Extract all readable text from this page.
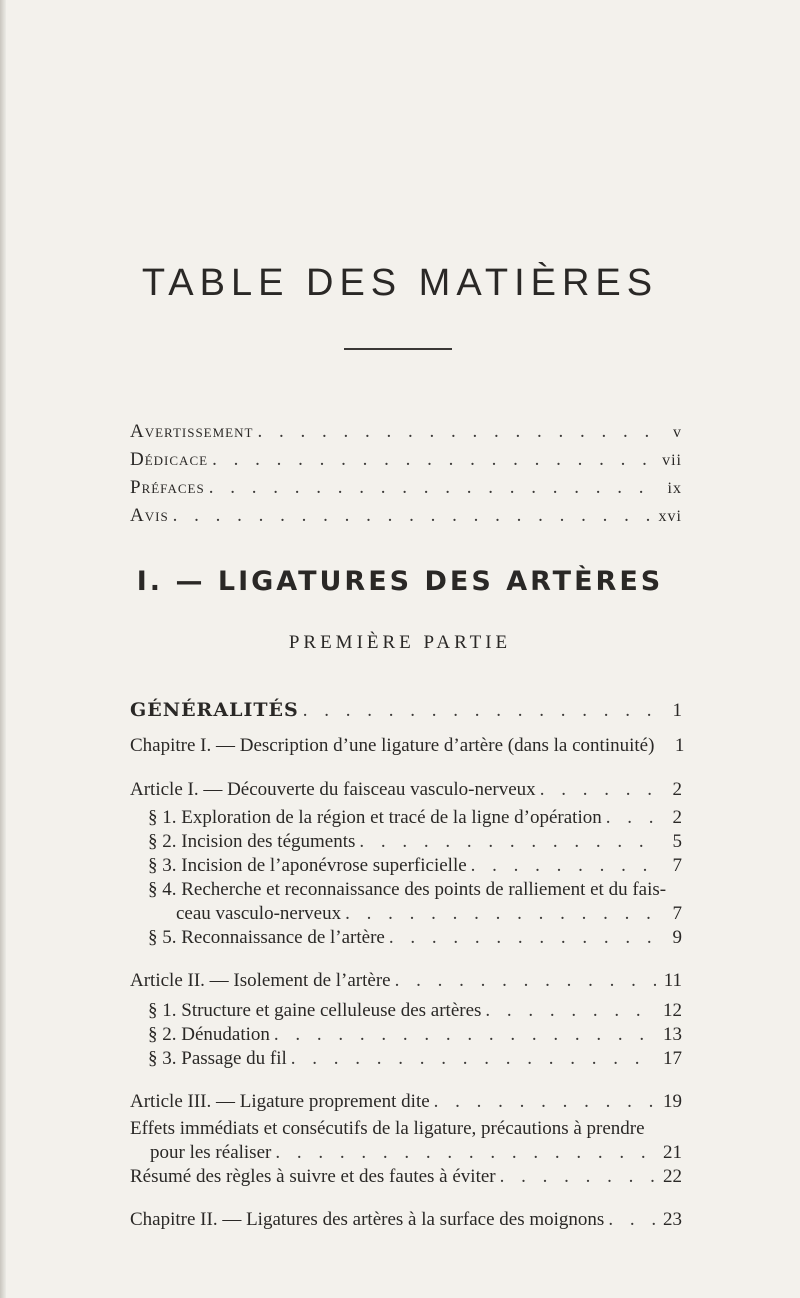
TABLE DES MATIÈRES
Avertissement . . .	v
Dédicace . . .	vii
Préfaces . . .	ix
Avis . . .	xvi
I. — LIGATURES DES ARTÈRES
PREMIÈRE PARTIE
GÉNÉRALITÉS . . .	1
Chapitre I. — Description d’une ligature d’artère (dans la continuité)	1
Article I. — Découverte du faisceau vasculo-nerveux . . .	2
§ 1. Exploration de la région et tracé de la ligne d’opération . . .	2
§ 2. Incision des téguments . . .	5
§ 3. Incision de l’aponévrose superficielle . . .	7
§ 4. Recherche et reconnaissance des points de ralliement et du fais-
ceau vasculo-nerveux . . .	7
§ 5. Reconnaissance de l’artère . . .	9
Article II. — Isolement de l’artère . . .	11
§ 1. Structure et gaine celluleuse des artères . . .	12
§ 2. Dénudation . . .	13
§ 3. Passage du fil . . .	17
Article III. — Ligature proprement dite . . .	19
Effets immédiats et consécutifs de la ligature, précautions à prendre
pour les réaliser . . .	21
Résumé des règles à suivre et des fautes à éviter . . .	22
Chapitre II. — Ligatures des artères à la surface des moignons . . .	23
